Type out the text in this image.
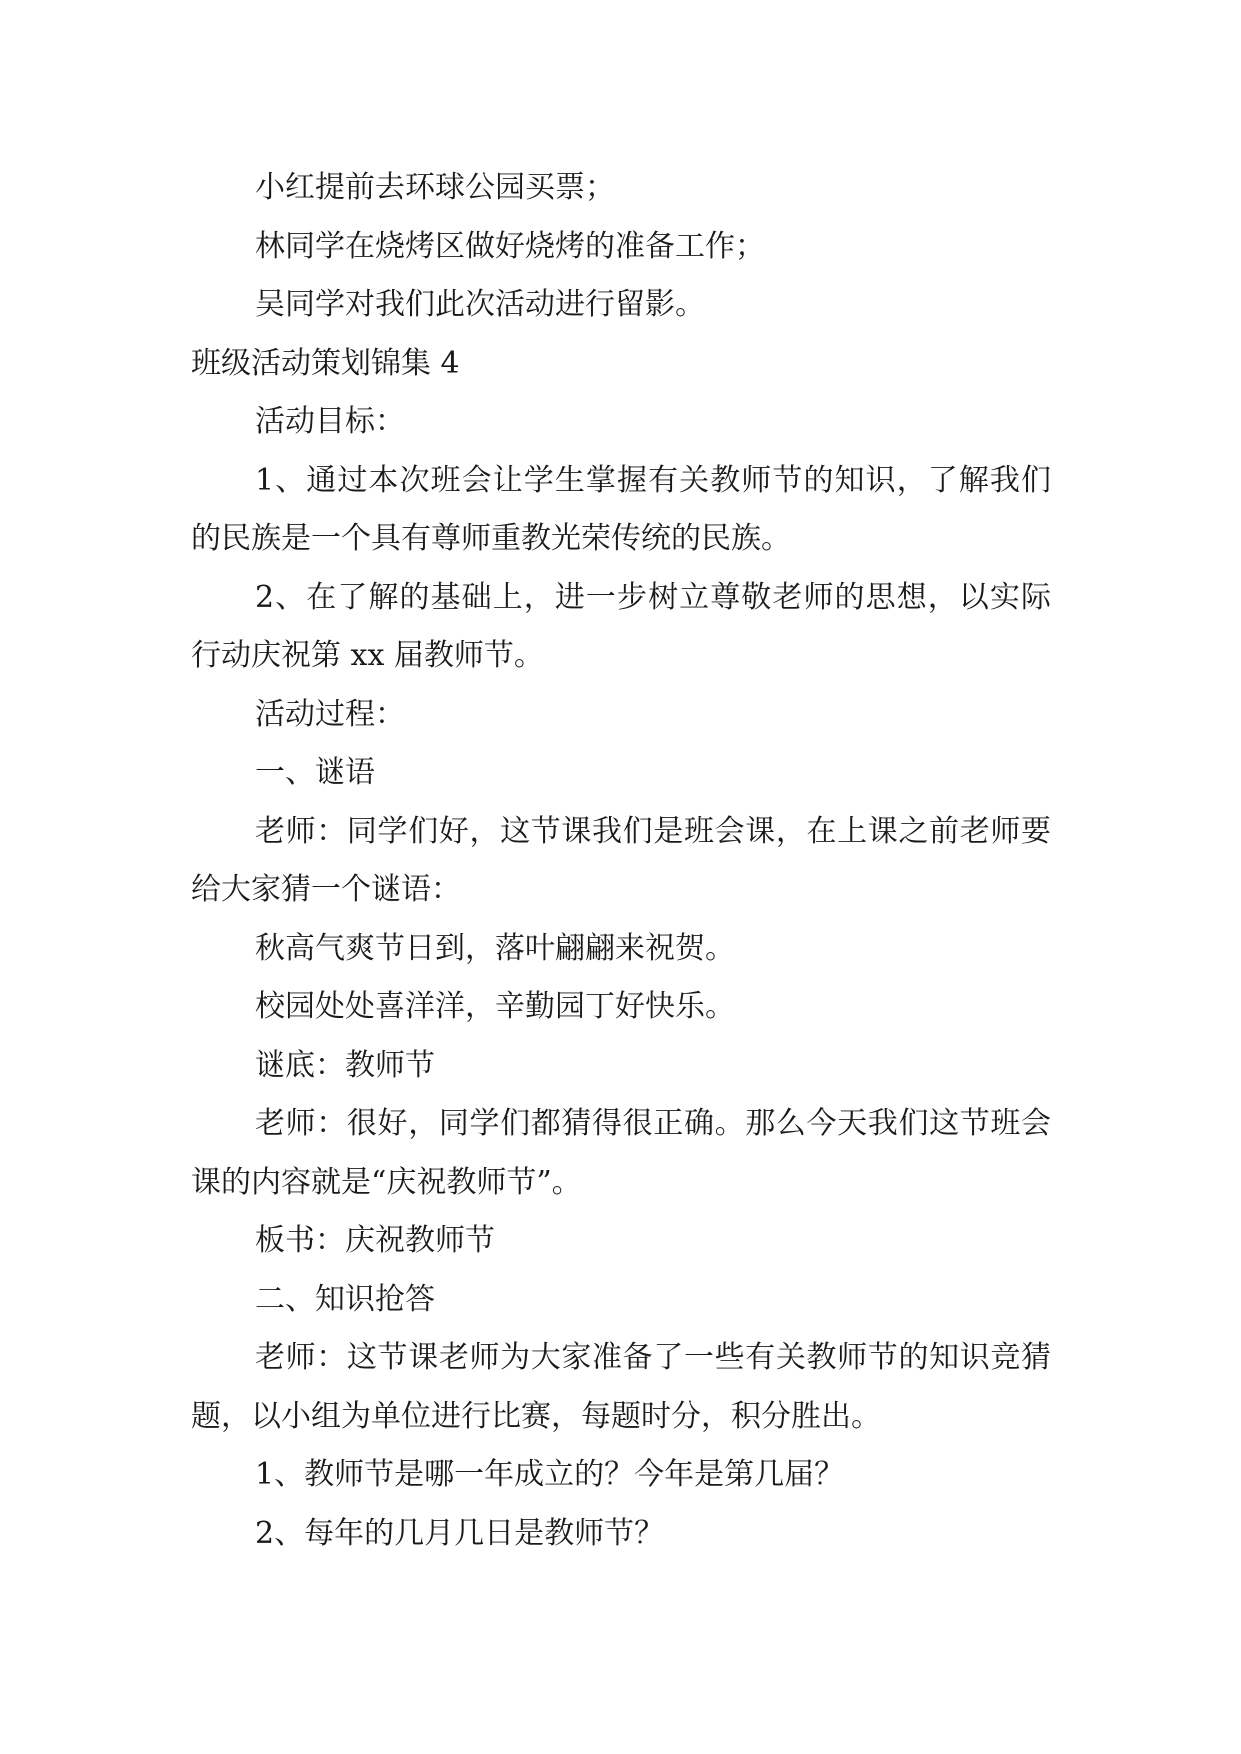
小红提前去环球公园买票；

林同学在烧烤区做好烧烤的准备工作；

吴同学对我们此次活动进行留影。

班级活动策划锦集 4

活动目标：

1、通过本次班会让学生掌握有关教师节的知识，了解我们的民族是一个具有尊师重教光荣传统的民族。

2、在了解的基础上，进一步树立尊敬老师的思想，以实际行动庆祝第 xx 届教师节。

活动过程：

一、谜语

老师：同学们好，这节课我们是班会课，在上课之前老师要给大家猜一个谜语：

秋高气爽节日到，落叶翩翩来祝贺。

校园处处喜洋洋，辛勤园丁好快乐。

谜底：教师节

老师：很好，同学们都猜得很正确。那么今天我们这节班会课的内容就是“庆祝教师节”。

板书：庆祝教师节

二、知识抢答

老师：这节课老师为大家准备了一些有关教师节的知识竞猜题，以小组为单位进行比赛，每题时分，积分胜出。

1、教师节是哪一年成立的？今年是第几届？

2、每年的几月几日是教师节？
